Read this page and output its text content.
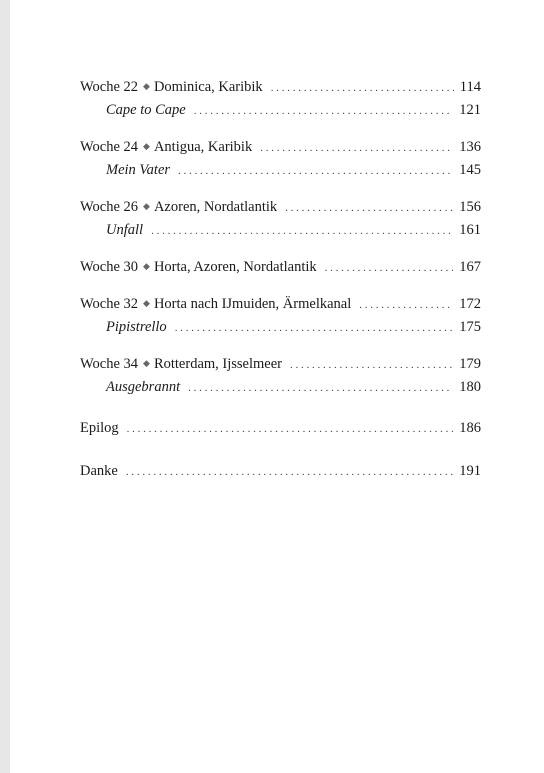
Woche 22 ◆ Dominica, Karibik . . .	114
Cape to Cape . . .	121
Woche 24 ◆ Antigua, Karibik . . .	136
Mein Vater . . .	145
Woche 26 ◆ Azoren, Nordatlantik . . .	156
Unfall . . .	161
Woche 30 ◆ Horta, Azoren, Nordatlantik . . .	167
Woche 32 ◆ Horta nach IJmuiden, Ärmelkanal . . .	172
Pipistrello . . .	175
Woche 34 ◆ Rotterdam, Ijsselmeer . . .	179
Ausgebrannt . . .	180
Epilog . . .	186
Danke . . .	191
